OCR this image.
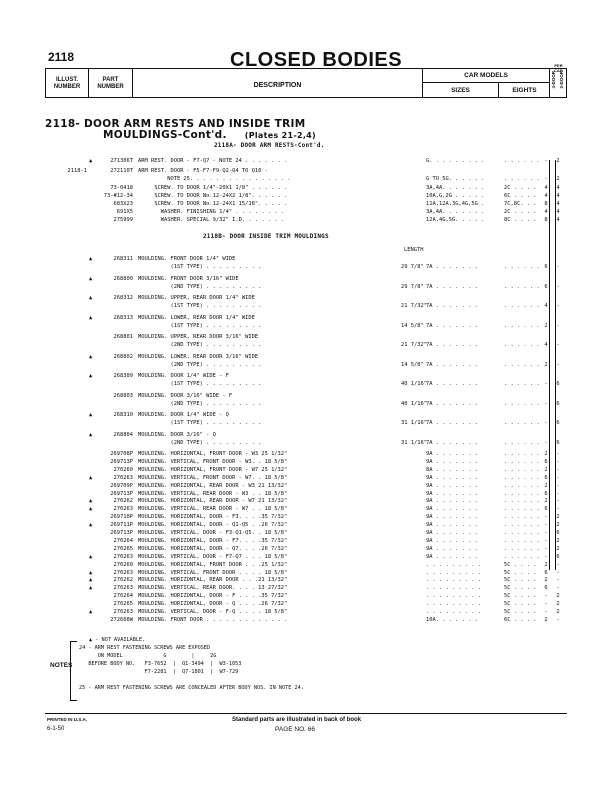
2118	CLOSED BODIES
ILLUST.
NUMBER
PART
NUMBER	DESCRIPTION
CAR MODELS
SIZES	EIGHTS
PER CAR
4-DOOR 2-DOOR
2118- DOOR ARM RESTS AND INSIDE TRIM
MOULDINGS-Cont'd. (Plates 21-2,4)
2118A- DOOR ARM RESTS-Cont'd.
▲	271306T ARM REST. DOOR - F7-Q7 - NOTE 24 . . . . . . .	G. . . . . . . . .	. . . . . . - 2
2118-1	272110T ARM REST. DOOR - F5-F7-F9-Q2-Q4 TO Q10 -
NOTE 25. . . . . . . . . . . . . . . .	G TO 5G. . . . . .	. . . . . . - 2
73-0418 SCREW. TO DOOR 1/4"-20X1 1/8" . . . . . .	3A,4A. . . . . . .	2C . . . . 4 4
73-#12-34 SCREW. TO DOOR No.12-24X2 1/8". . . . . .	10A,G,2G . . . . .	6C . . . . 4 4
683X23 SCREW. TO DOOR No.12-24X1 15/16". . . . .	11A,12A,3G,4G,5G .	7C,8C. . . 8 4
691X5 WASHER. FINISHING 1/4" . . . . . . . .	3A,4A. . . . . . .	2C . . . . 4 4
275999 WASHER. SPECIAL 9/32" I.D. . . . . . .	12A,4G,5G. . . . .	8C . . . . 8 4
2118B- DOOR INSIDE TRIM MOULDINGS
LENGTH
▲	268311 MOULDING. FRONT DOOR 1/4" WIDE
(1ST TYPE) . . . . . . . . .	29 7/8" 7A . . . . . . .	. . . . . . 6 -
▲	268800 MOULDING. FRONT DOOR 3/16" WIDE
(2ND TYPE) . . . . . . . . .	29 7/8" 7A . . . . . . .	. . . . . . 6 -
▲	268312 MOULDING. UPPER, REAR DOOR 1/4" WIDE
(1ST TYPE) . . . . . . . . .	21 7/32" 7A . . . . . . .	. . . . . . 4 -
▲	268313 MOULDING. LOWER, REAR DOOR 1/4" WIDE
(1ST TYPE) . . . . . . . . .	14 5/8" 7A . . . . . . .	. . . . . . 2 -
268801 MOULDING. UPPER, REAR DOOR 3/16" WIDE
(2ND TYPE) . . . . . . . . .	21 7/32" 7A . . . . . . .	. . . . . . 4 -
▲	268802 MOULDING. LOWER, REAR DOOR 3/16" WIDE
(2ND TYPE) . . . . . . . . .	14 5/8" 7A . . . . . . .	. . . . . . 2 -
▲	268309 MOULDING. DOOR 1/4" WIDE - F
(1ST TYPE) . . . . . . . . .	40 1/16" 7A . . . . . . .	. . . . . . - 6
268803 MOULDING. DOOR 3/16" WIDE - F
(2ND TYPE) . . . . . . . . .	40 1/16" 7A . . . . . . .	. . . . . . - 6
▲	268310 MOULDING. DOOR 1/4" WIDE - Q
(1ST TYPE) . . . . . . . . .	31 1/16" 7A . . . . . . .	. . . . . . - 6
▲	268804 MOULDING. DOOR 3/16" - Q
(2ND TYPE) . . . . . . . . .	31 1/16" 7A . . . . . . .	. . . . . . - 6
269708P MOULDING. HORIZONTAL, FRONT DOOR - W3 25 1/32"	9A . . . . . . .	. . . . . . 2 -
269713P MOULDING. VERTICAL, FRONT DOOR - W3. . 18 5/8"	9A . . . . . . .	. . . . . . 6 -
270260 MOULDING. HORIZONTAL, FRONT DOOR - W7 25 1/32"	8A . . . . . . .	. . . . . . 2 -
▲	270263 MOULDING. VERTICAL, FRONT DOOR - W7. . 18 5/8"	9A . . . . . . .	. . . . . . 6 -
269709P MOULDING. HORIZONTAL, REAR DOOR - W3 21 13/32"	9A . . . . . . .	. . . . . . 2 -
269713P MOULDING. VERTICAL, REAR DOOR - W3 . . 18 5/8"	9A . . . . . . .	. . . . . . 6 -
▲	270262 MOULDING. HORIZONTAL, REAR DOOR - W7 21 13/32"	9A . . . . . . .	. . . . . . 2 -
▲	270263 MOULDING. VERTICAL, REAR DOOR - W7 . . 18 5/8"	9A . . . . . . .	. . . . . . 6 -
269710P MOULDING. HORIZONTAL, DOOR - F3. . . .35 7/32"	9A . . . . . . .	. . . . . . - 2
▲	269711P MOULDING. HORIZONTAL, DOOR - Q1-Q5 . .26 7/32"	9A . . . . . . .	. . . . . . - 2
269713P MOULDING. VERTICAL, DOOR - F3-Q1-Q5. . 18 5/8"	9A . . . . . . .	. . . . . . - 6
270264 MOULDING. HORIZONTAL, DOOR - F7. . . .35 7/32"	9A . . . . . . .	. . . . . . - 2
270265 MOULDING. HORIZONTAL, DOOR - Q7. . . .26 7/32"	9A . . . . . . .	. . . . . . - 2
▲	270263 MOULDING. VERTICAL, DOOR - F7-Q7 . . . 18 5/8"	9A . . . . . . .	. . . . . . - 6
270260 MOULDING. HORIZONTAL, FRONT DOOR . . .25 1/32"	. . . . . . . . .	5C . . . . 2 -
▲	270263 MOULDING. VERTICAL, FRONT DOOR . . . . 18 5/8"	. . . . . . . . .	5C . . . . 6 -
▲	270262 MOULDING. HORIZONTAL, REAR DOOR . . .21 13/32"	. . . . . . . . .	5C . . . . 2 -
▲	270263 MOULDING. VERTICAL, REAR DOOR. . . . 13 27/32"	. . . . . . . . .	5C . . . . 6 -
270264 MOULDING. HORIZONTAL, DOOR - F . . . .35 7/32"	. . . . . . . . .	5C . . . . - 2
270265 MOULDING. HORIZONTAL, DOOR - Q . . . .26 7/32"	. . . . . . . . .	5C . . . . - 2
▲	270263 MOULDING. VERTICAL, DOOR - F-Q . . . . 18 5/8"	. . . . . . . . .	5C . . . . - 2
272608W MOULDING. FRONT DOOR . . . . . . . . . . . . .	10A. . . . . . .	6C . . . . 2 -
NOTES
▲ - NOT AVAILABLE.
24 - ARM REST FASTENING SCREWS ARE EXPOSED
ON MODEL             G        |     2G
BEFORE BODY NO.   F3-7652  |  Q1-3494  |  W3-1053
F7-2281  |  Q7-1801  |  W7-729
25 - ARM REST FASTENING SCREWS ARE CONCEALED AFTER BODY NOS. IN NOTE 24.
PRINTED IN U.S.A.
6-1-50
Standard parts are illustrated in back of book
PAGE NO. 66
